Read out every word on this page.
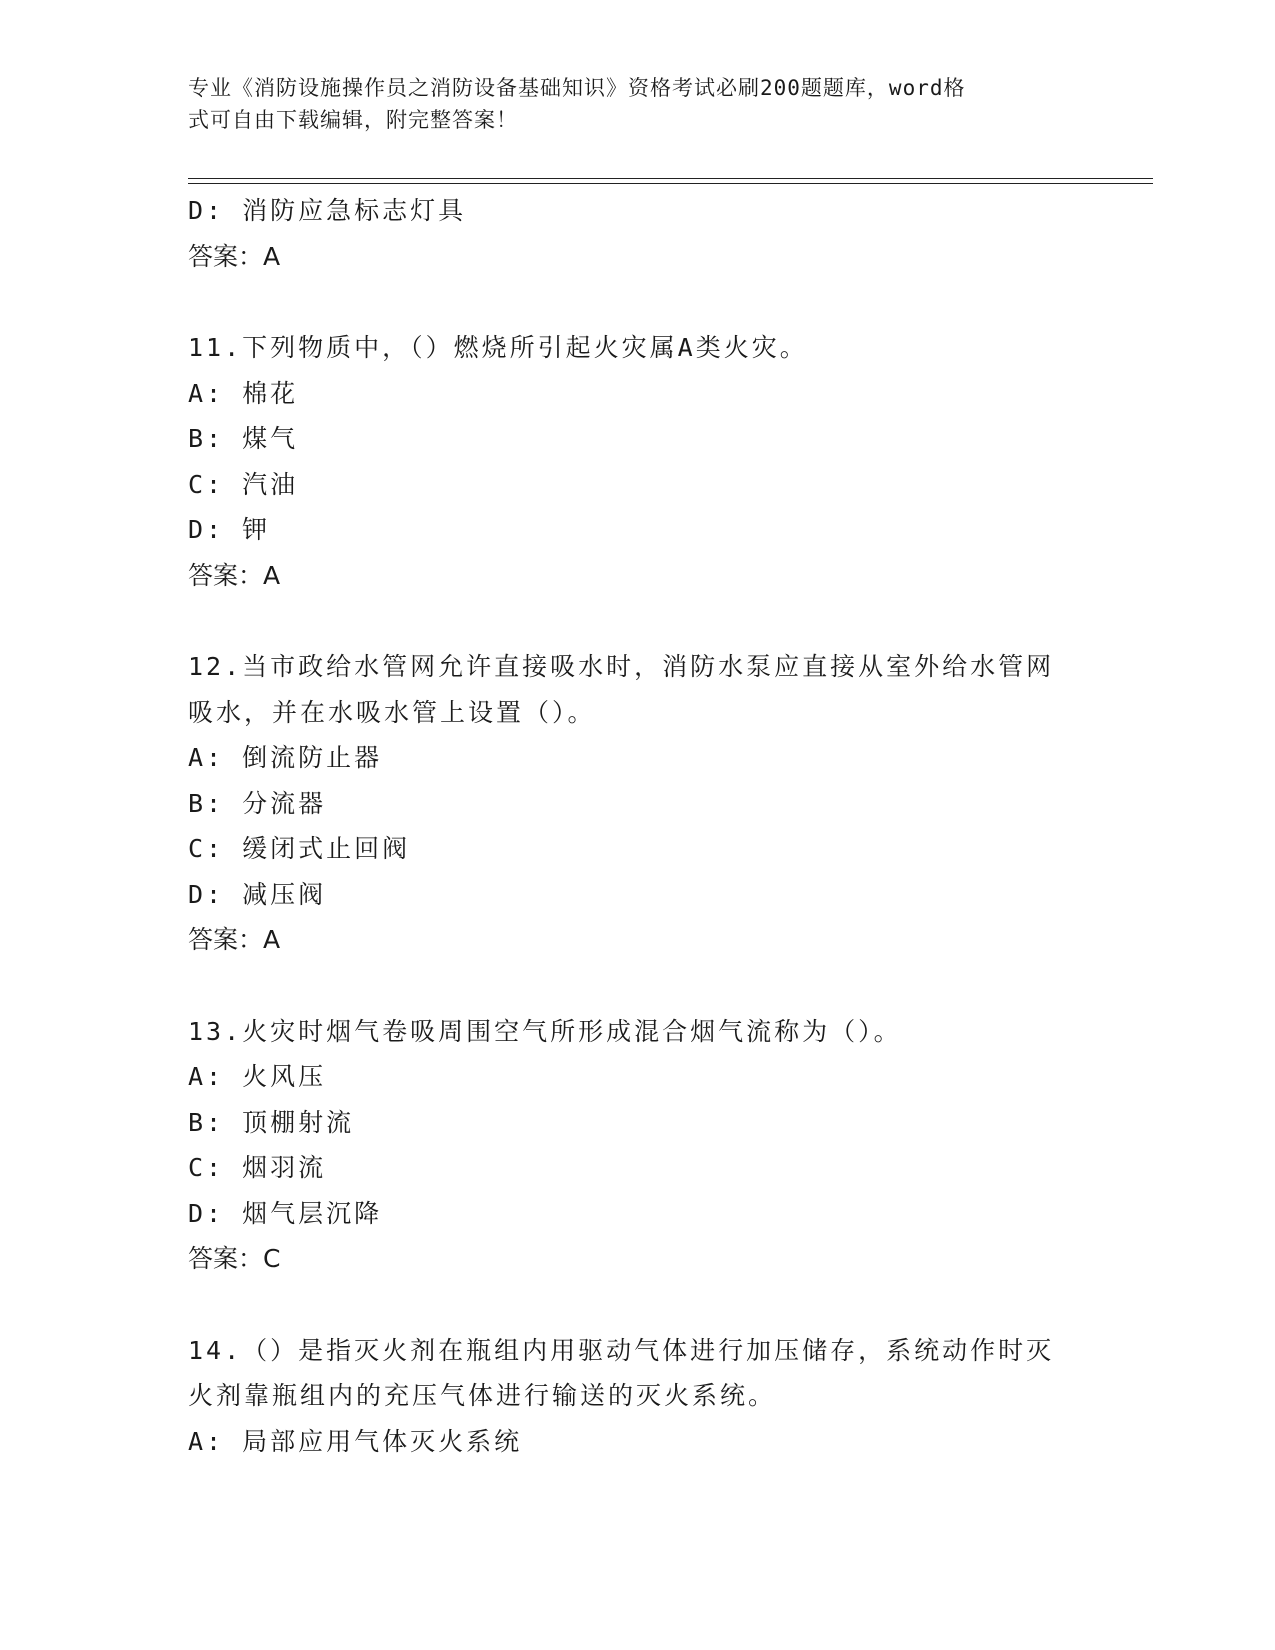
专业《消防设施操作员之消防设备基础知识》资格考试必刷200题题库，word格
式可自由下载编辑，附完整答案！
D: 消防应急标志灯具
答案：A
11.下列物质中，（）燃烧所引起火灾属A类火灾。
A: 棉花
B: 煤气
C: 汽油
D: 钾
答案：A
12.当市政给水管网允许直接吸水时，消防水泵应直接从室外给水管网
吸水，并在水吸水管上设置（）。
A: 倒流防止器
B: 分流器
C: 缓闭式止回阀
D: 减压阀
答案：A
13.火灾时烟气卷吸周围空气所形成混合烟气流称为（）。
A: 火风压
B: 顶棚射流
C: 烟羽流
D: 烟气层沉降
答案：C
14.（）是指灭火剂在瓶组内用驱动气体进行加压储存，系统动作时灭
火剂靠瓶组内的充压气体进行输送的灭火系统。
A: 局部应用气体灭火系统
